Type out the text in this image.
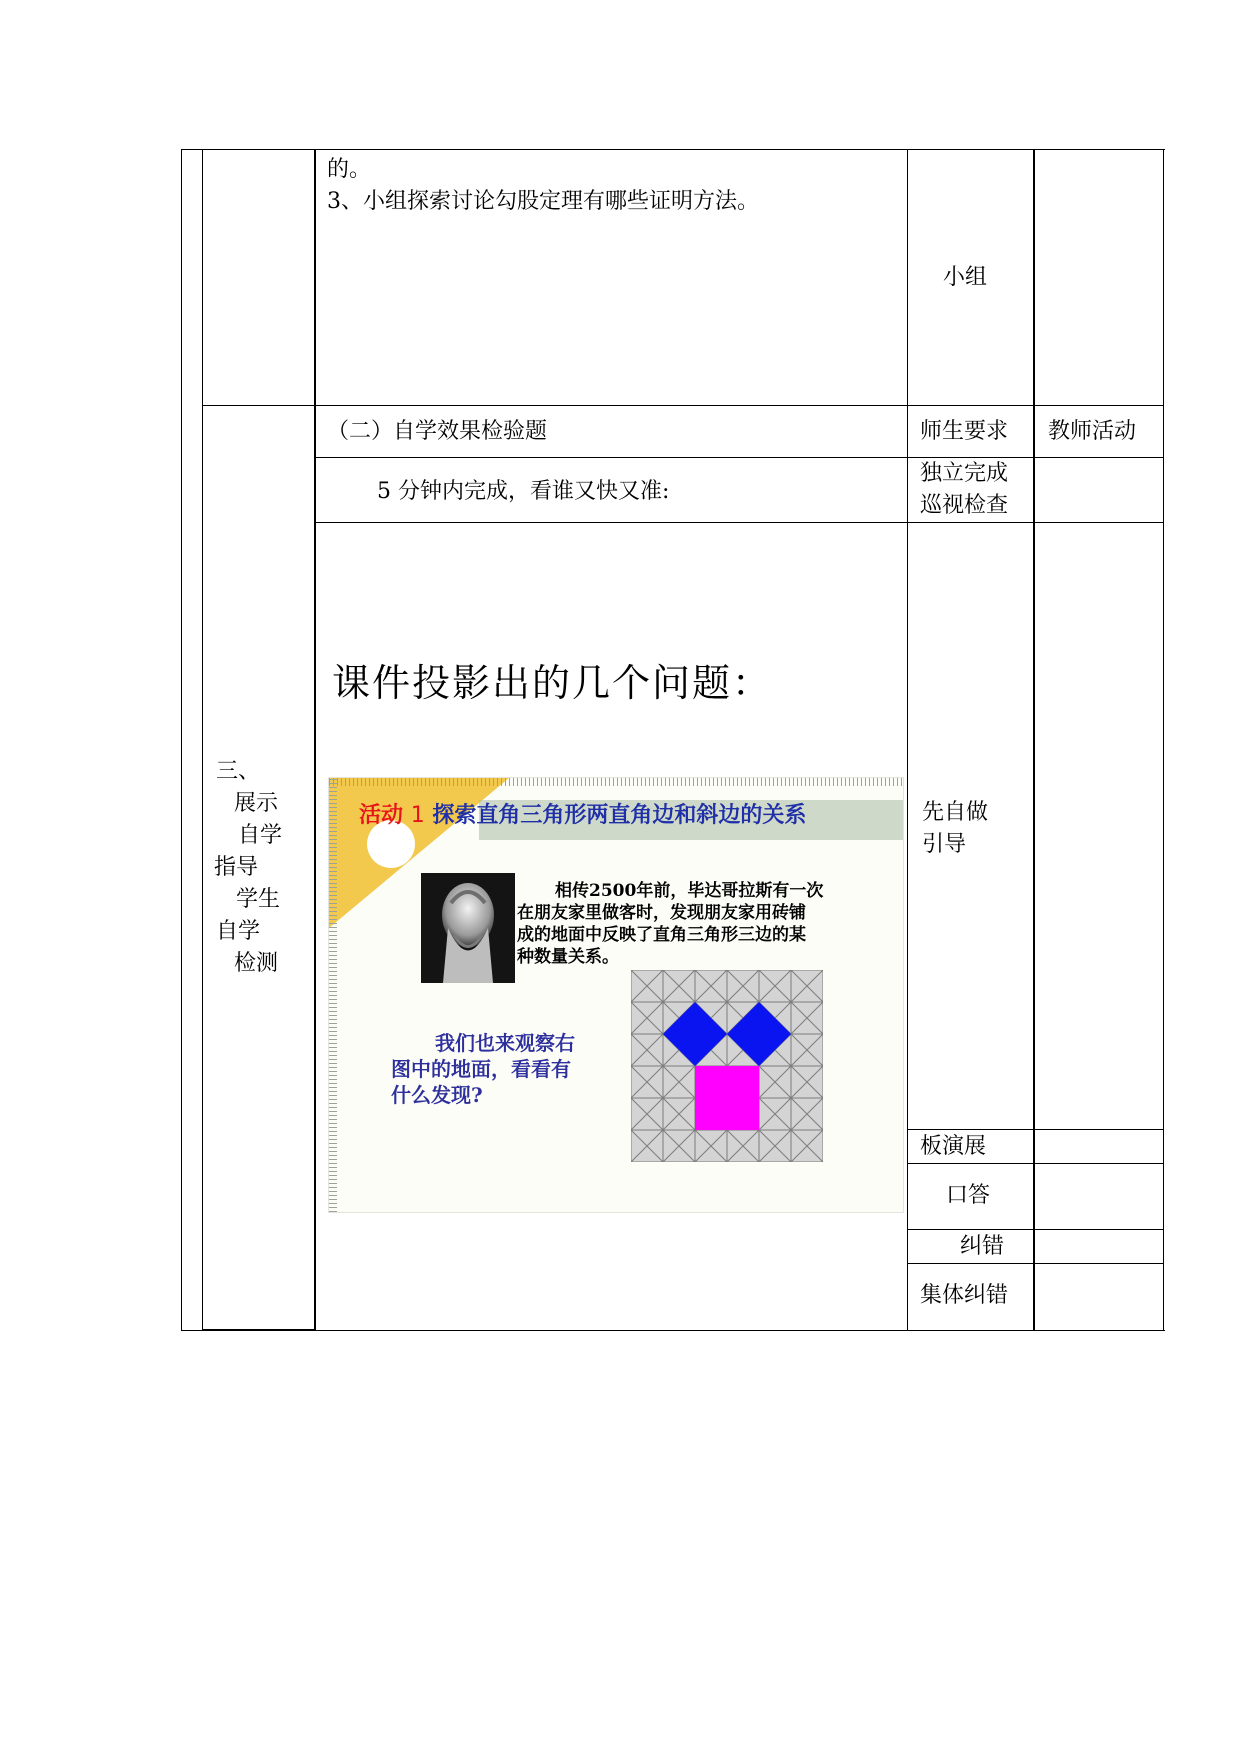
的。
3、小组探索讨论勾股定理有哪些证明方法。
小组
三、
展示
自学
指导
学生
自学
检测
（二）自学效果检验题	师生要求 教师活动
5 分钟内完成，看谁又快又准:
独立完成
巡视检查
课件投影出的几个问题：
活动 1 探索直角三角形两直角边和斜边的关系
相传2500年前，毕达哥拉斯有一次
在朋友家里做客时，发现朋友家用砖铺
成的地面中反映了直角三角形三边的某
种数量关系。
我们也来观察右
图中的地面，看看有
什么发现?
先自做
引导
板演展
口答
纠错
集体纠错
